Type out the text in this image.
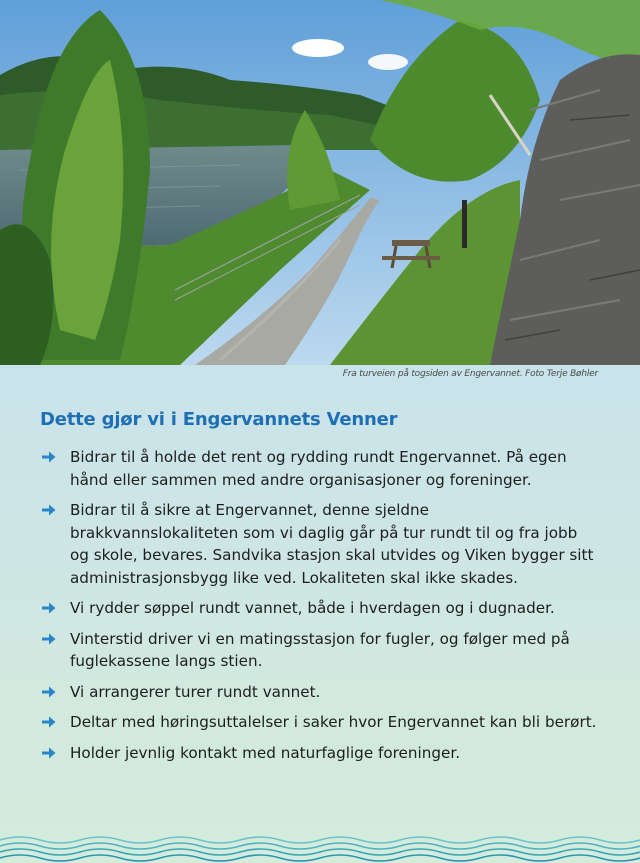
Fra turveien på togsiden av Engervannet. Foto Terje Bøhler
Dette gjør vi i Engervannets Venner
Bidrar til å holde det rent og rydding rundt Engervannet. På egen hånd eller sammen med andre organisasjoner og foreninger.
Bidrar til å sikre at Engervannet, denne sjeldne brakkvannslokaliteten som vi daglig går på tur rundt til og fra jobb og skole, bevares. Sandvika stasjon skal utvides og Viken bygger sitt administrasjonsbygg like ved. Lokaliteten skal ikke skades.
Vi rydder søppel rundt vannet, både i hverdagen og i dugnader.
Vinterstid driver vi en matingsstasjon for fugler, og følger med på fuglekassene langs stien.
Vi arrangerer turer rundt vannet.
Deltar med høringsuttalelser i saker hvor Engervannet kan bli berørt.
Holder jevnlig kontakt med naturfaglige foreninger.
